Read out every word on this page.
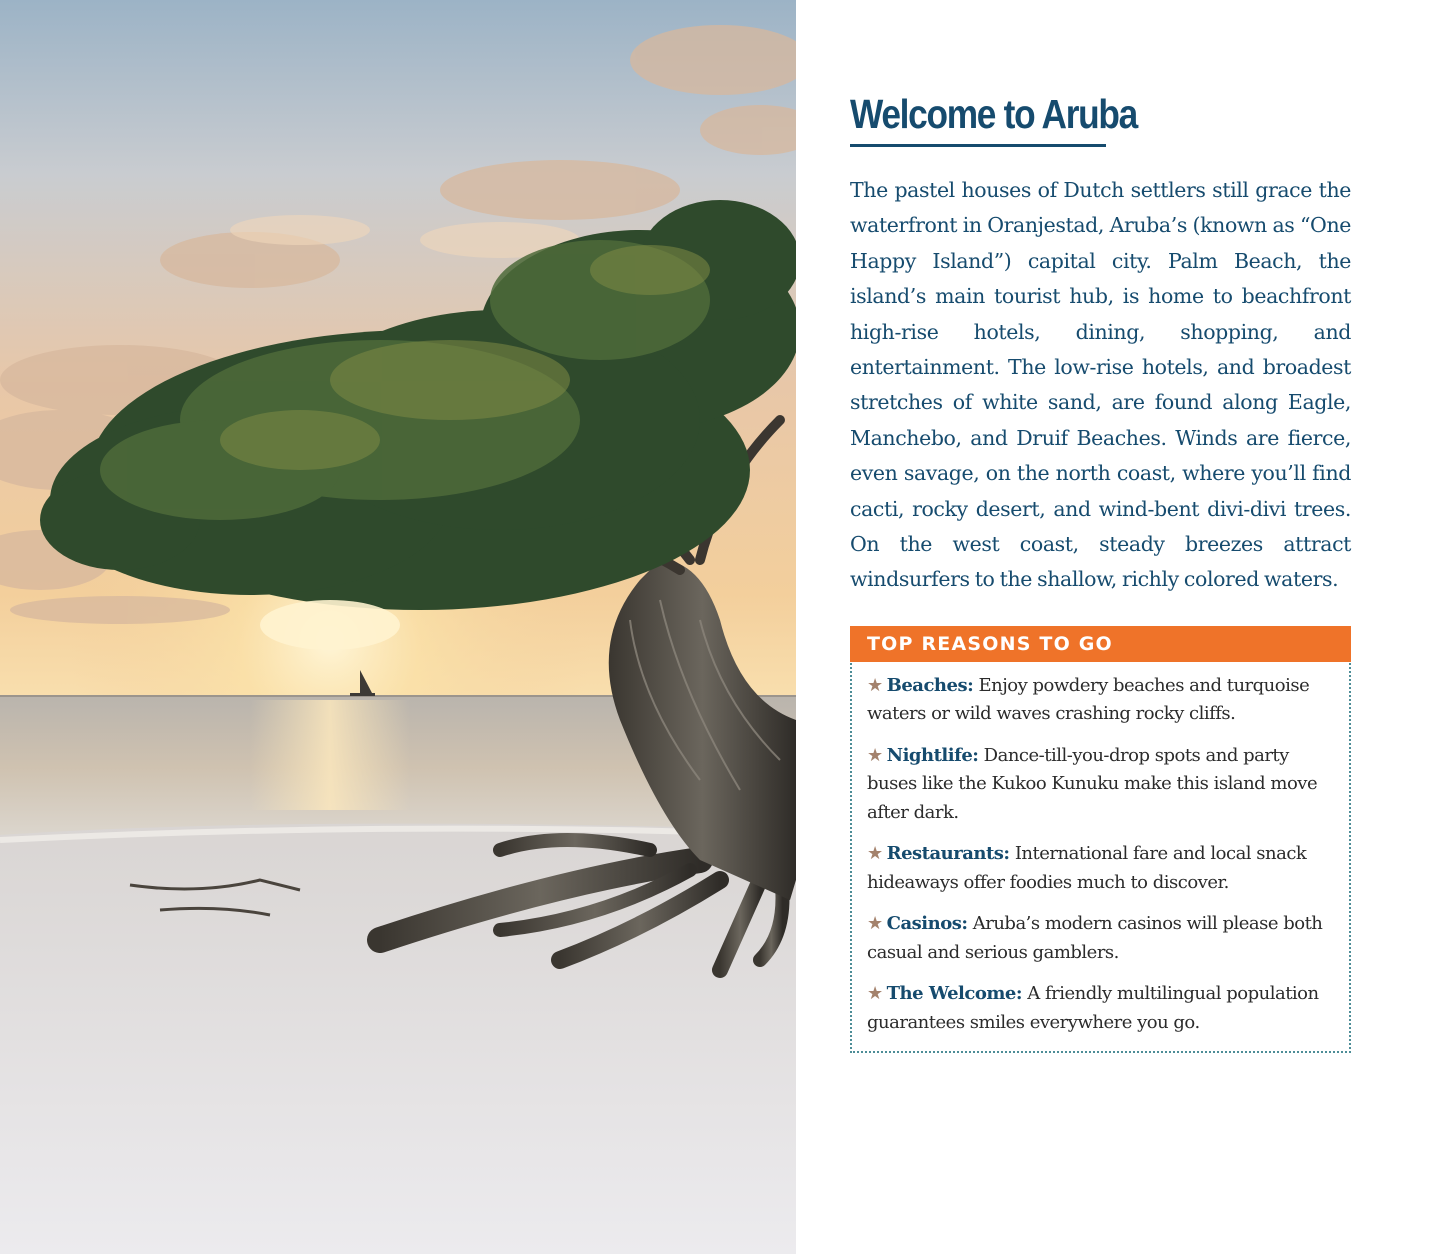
Welcome to Aruba

The pastel houses of Dutch settlers still grace the waterfront in Oranjestad, Aruba’s (known as “One Happy Island”) capital city. Palm Beach, the island’s main tourist hub, is home to beachfront high-rise hotels, dining, shopping, and entertainment. The low-rise hotels, and broadest stretches of white sand, are found along Eagle, Manchebo, and Druif Beaches. Winds are fierce, even savage, on the north coast, where you’ll find cacti, rocky desert, and wind-bent divi-divi trees. On the west coast, steady breezes attract windsurfers to the shallow, richly colored waters.

TOP REASONS TO GO
★ Beaches: Enjoy powdery beaches and turquoise waters or wild waves crashing rocky cliffs.
★ Nightlife: Dance-till-you-drop spots and party buses like the Kukoo Kunuku make this island move after dark.
★ Restaurants: International fare and local snack hideaways offer foodies much to discover.
★ Casinos: Aruba’s modern casinos will please both casual and serious gamblers.
★ The Welcome: A friendly multilingual population guarantees smiles everywhere you go.
